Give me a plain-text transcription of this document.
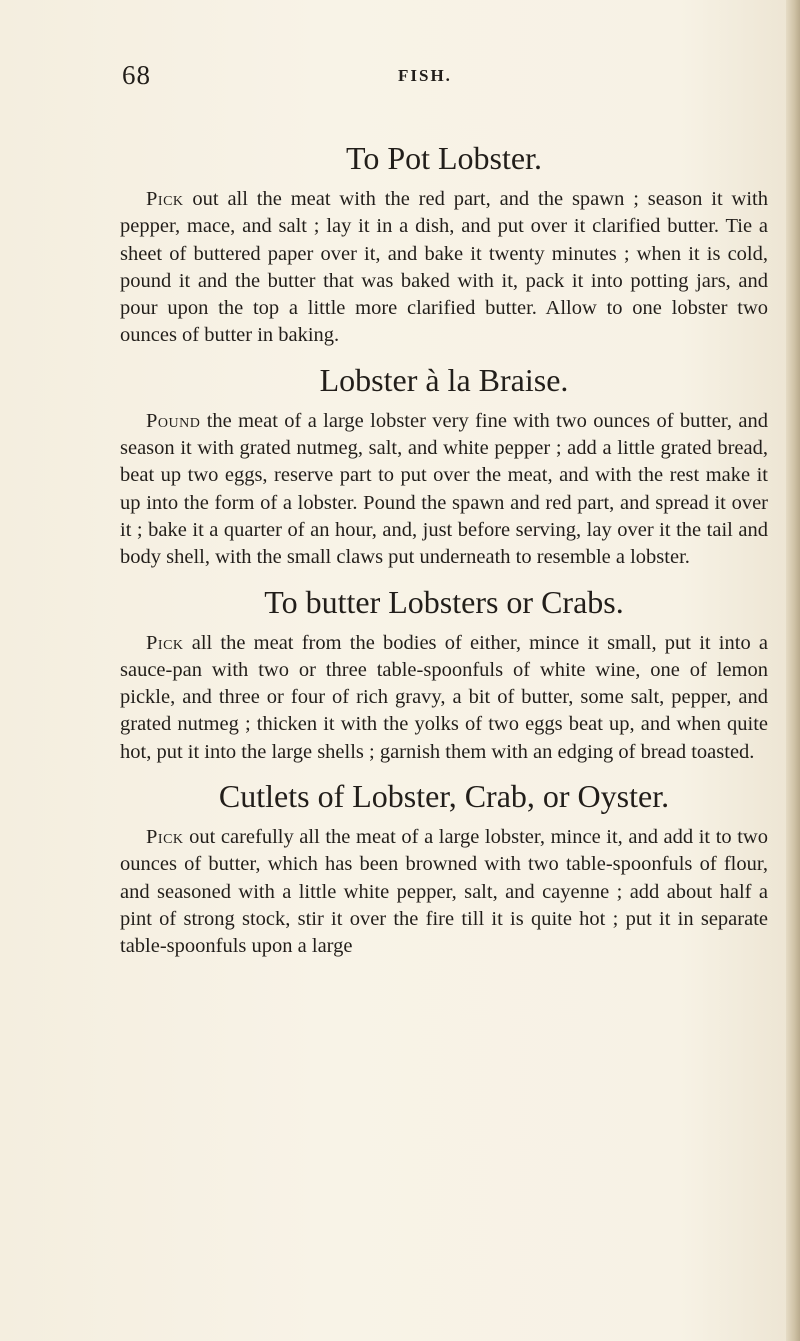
68	FISH.
To Pot Lobster.

Pick out all the meat with the red part, and the spawn ; season it with pepper, mace, and salt ; lay it in a dish, and put over it clarified butter. Tie a sheet of buttered paper over it, and bake it twenty minutes ; when it is cold, pound it and the butter that was baked with it, pack it into potting jars, and pour upon the top a little more clarified butter. Allow to one lobster two ounces of butter in baking.

Lobster à la Braise.

Pound the meat of a large lobster very fine with two ounces of butter, and season it with grated nutmeg, salt, and white pepper ; add a little grated bread, beat up two eggs, reserve part to put over the meat, and with the rest make it up into the form of a lobster. Pound the spawn and red part, and spread it over it ; bake it a quarter of an hour, and, just before serving, lay over it the tail and body shell, with the small claws put underneath to resemble a lobster.

To butter Lobsters or Crabs.

Pick all the meat from the bodies of either, mince it small, put it into a sauce-pan with two or three table-spoonfuls of white wine, one of lemon pickle, and three or four of rich gravy, a bit of butter, some salt, pepper, and grated nutmeg ; thicken it with the yolks of two eggs beat up, and when quite hot, put it into the large shells ; garnish them with an edging of bread toasted.

Cutlets of Lobster, Crab, or Oyster.

Pick out carefully all the meat of a large lobster, mince it, and add it to two ounces of butter, which has been browned with two table-spoonfuls of flour, and seasoned with a little white pepper, salt, and cayenne ; add about half a pint of strong stock, stir it over the fire till it is quite hot ; put it in separate table-spoonfuls upon a large
